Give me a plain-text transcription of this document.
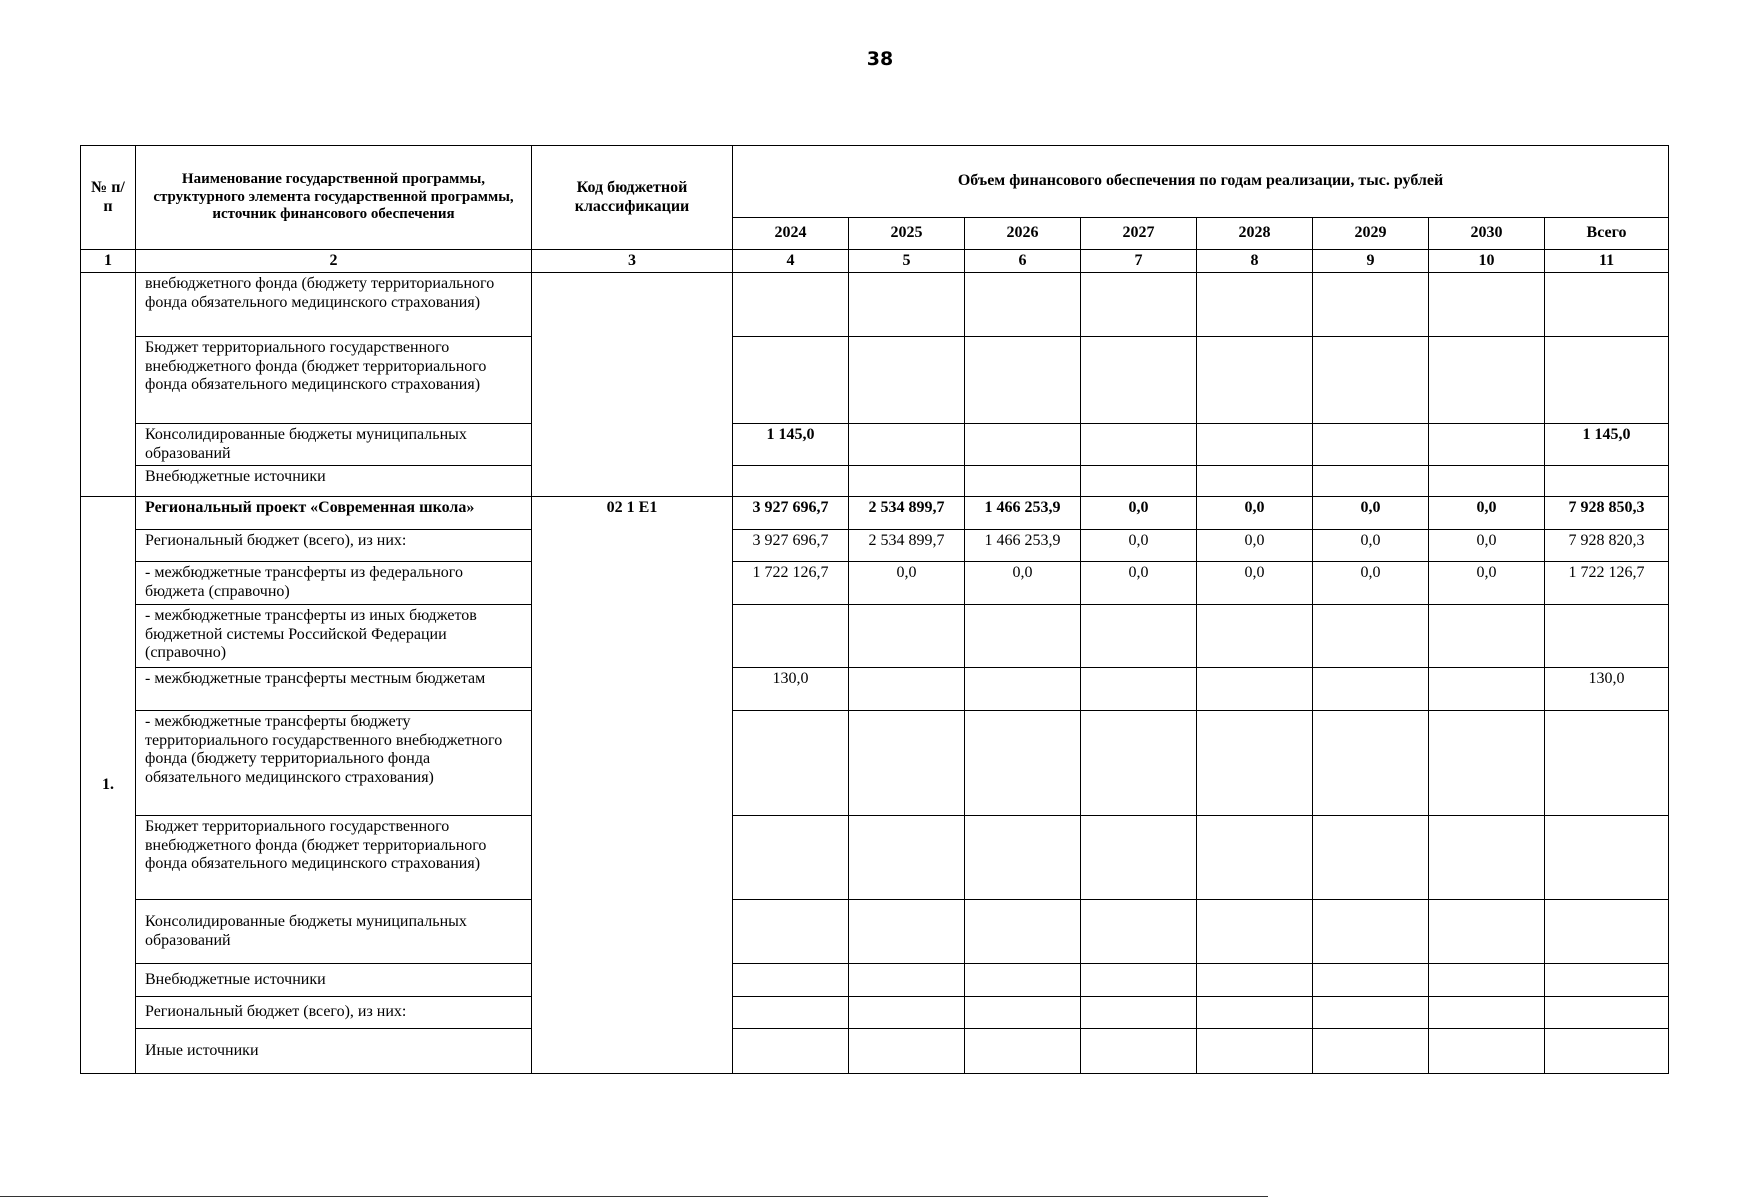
38
№ п/п	Наименование государственной программы, структурного элемента государственной программы, источник финансового обеспечения	Код бюджетной классификации	Объем финансового обеспечения по годам реализации, тыс. рублей							
			2024	2025	2026	2027	2028	2029	2030	Всего
1	2	3	4	5	6	7	8	9	10	11
	внебюджетного фонда (бюджету территориального фонда обязательного медицинского страхования)									
	Бюджет территориального государственного внебюджетного фонда (бюджет территориального фонда обязательного медицинского страхования)									
	Консолидированные бюджеты муниципальных образований		1 145,0							1 145,0
	Внебюджетные источники									
1.	Региональный проект «Современная школа»	02 1 Е1	3 927 696,7	2 534 899,7	1 466 253,9	0,0	0,0	0,0	0,0	7 928 850,3
	Региональный бюджет (всего), из них:		3 927 696,7	2 534 899,7	1 466 253,9	0,0	0,0	0,0	0,0	7 928 820,3
	- межбюджетные трансферты из федерального бюджета (справочно)		1 722 126,7	0,0	0,0	0,0	0,0	0,0	0,0	1 722 126,7
	- межбюджетные трансферты из иных бюджетов бюджетной системы Российской Федерации (справочно)									
	- межбюджетные трансферты местным бюджетам		130,0							130,0
	- межбюджетные трансферты бюджету территориального государственного внебюджетного фонда (бюджету территориального фонда обязательного медицинского страхования)									
	Бюджет территориального государственного внебюджетного фонда (бюджет территориального фонда обязательного медицинского страхования)									
	Консолидированные бюджеты муниципальных образований									
	Внебюджетные источники									
	Региональный бюджет (всего), из них:									
	Иные источники									
